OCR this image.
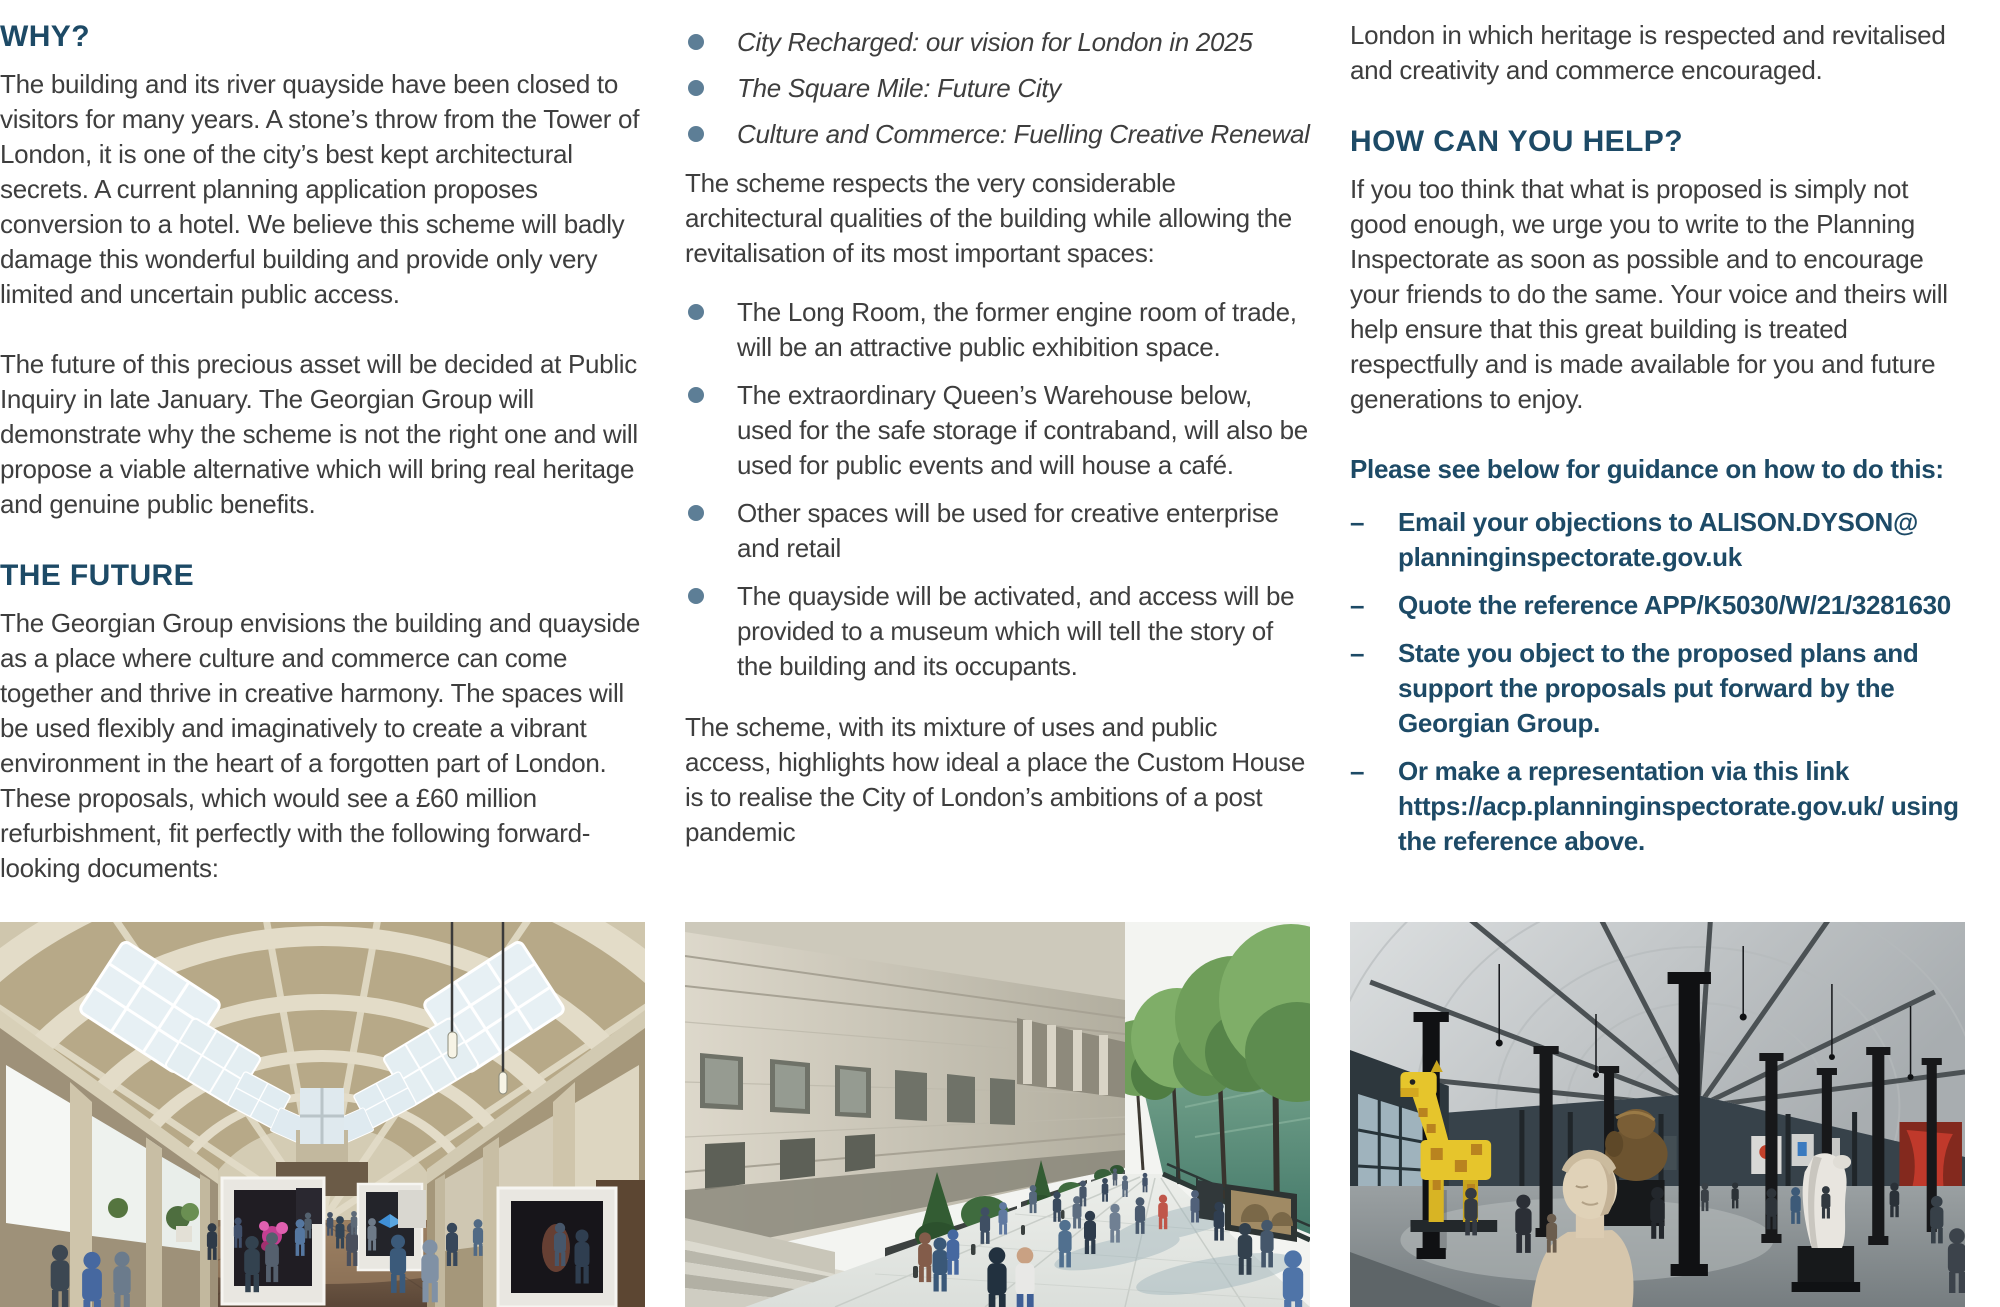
WHY?

The building and its river quayside have been closed to visitors for many years. A stone’s throw from the Tower of London, it is one of the city’s best kept architectural secrets. A current planning application proposes conversion to a hotel. We believe this scheme will badly damage this wonderful building and provide only very limited and uncertain public access.

The future of this precious asset will be decided at Public Inquiry in late January. The Georgian Group will demonstrate why the scheme is not the right one and will propose a viable alternative which will bring real heritage and genuine public benefits.

THE FUTURE

The Georgian Group envisions the building and quayside as a place where culture and commerce can come together and thrive in creative harmony. The spaces will be used flexibly and imaginatively to create a vibrant environment in the heart of a forgotten part of London. These proposals, which would see a £60 million refurbishment, fit perfectly with the following forward-looking documents:

City Recharged: our vision for London in 2025
The Square Mile: Future City
Culture and Commerce: Fuelling Creative Renewal

The scheme respects the very considerable architectural qualities of the building while allowing the revitalisation of its most important spaces:

The Long Room, the former engine room of trade, will be an attractive public exhibition space.
The extraordinary Queen’s Warehouse below, used for the safe storage if contraband, will also be used for public events and will house a café.
Other spaces will be used for creative enterprise and retail
The quayside will be activated, and access will be provided to a museum which will tell the story of the building and its occupants.

The scheme, with its mixture of uses and public access, highlights how ideal a place the Custom House is to realise the City of London’s ambitions of a post pandemic

London in which heritage is respected and revitalised and creativity and commerce encouraged.

HOW CAN YOU HELP?

If you too think that what is proposed is simply not good enough, we urge you to write to the Planning Inspectorate as soon as possible and to encourage your friends to do the same. Your voice and theirs will help ensure that this great building is treated respectfully and is made available for you and future generations to enjoy.

Please see below for guidance on how to do this:

– Email your objections to ALISON.DYSON@ planninginspectorate.gov.uk
– Quote the reference APP/K5030/W/21/3281630
– State you object to the proposed plans and support the proposals put forward by the Georgian Group.
– Or make a representation via this link https://acp.planninginspectorate.gov.uk/ using the reference above.
